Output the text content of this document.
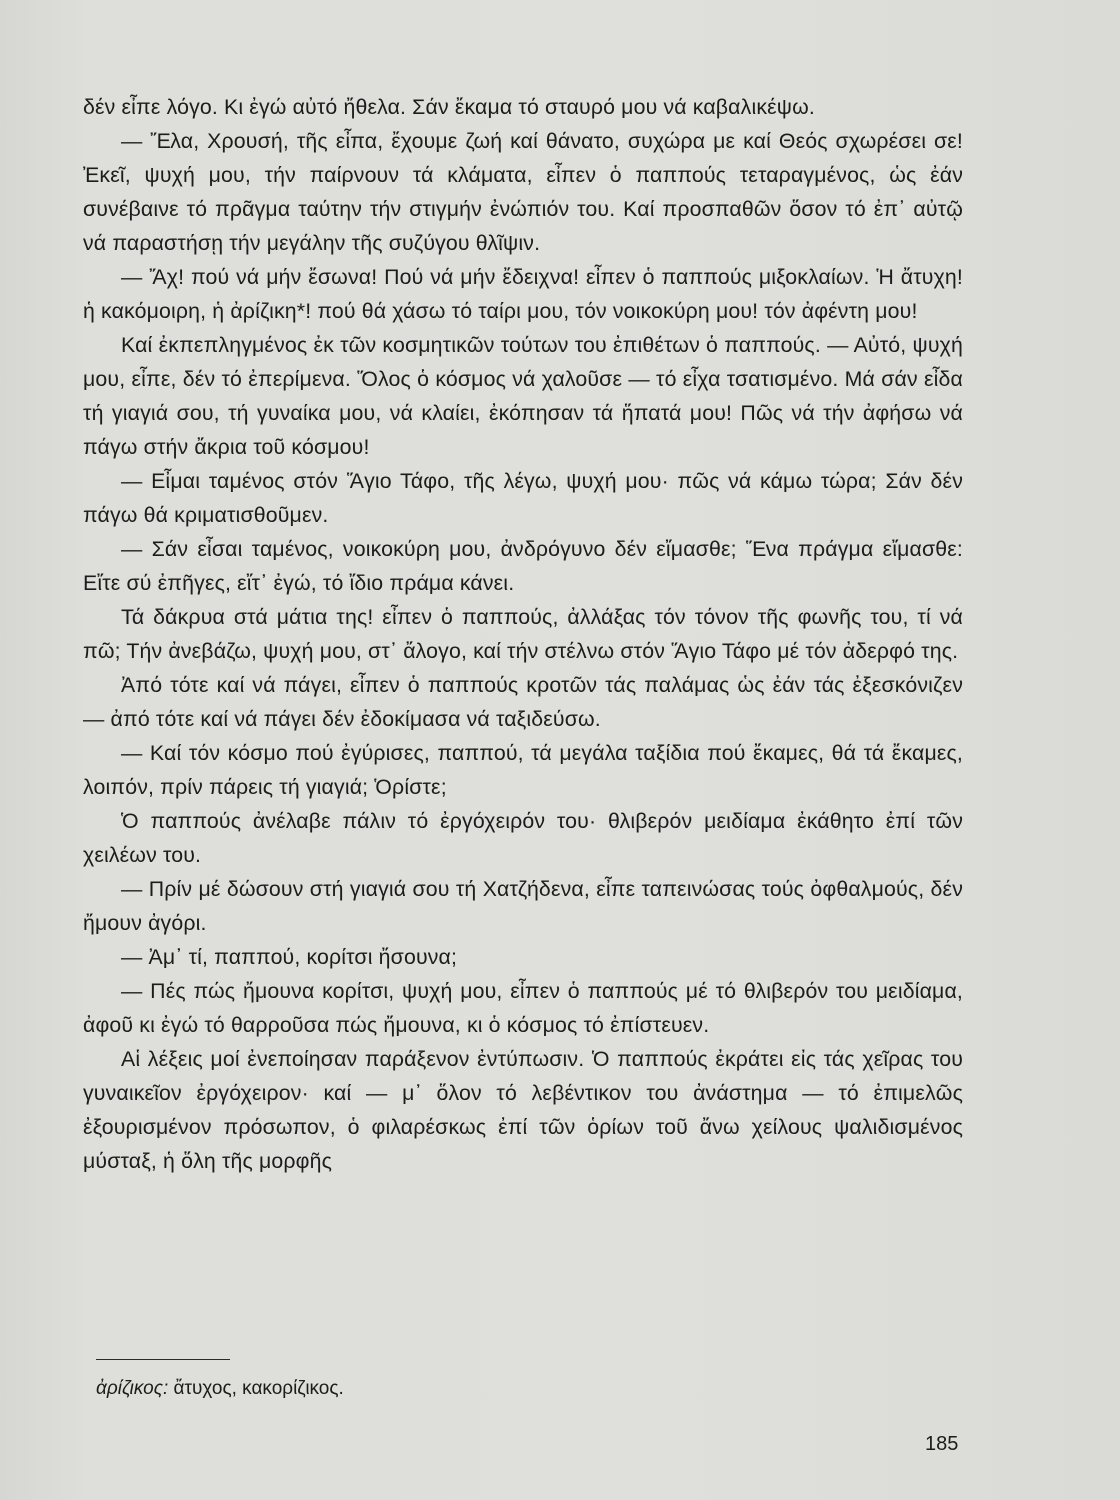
δέν εἶπε λόγο. Κι ἐγώ αὐτό ἤθελα. Σάν ἔκαμα τό σταυρό μου νά καβαλικέψω.

— Ἔλα, Χρουσή, τῆς εἶπα, ἔχουμε ζωή καί θάνατο, συχώρα με καί Θεός σχωρέσει σε! Ἐκεῖ, ψυχή μου, τήν παίρνουν τά κλάματα, εἶπεν ὁ παππούς τεταραγμένος, ὡς ἐάν συνέβαινε τό πρᾶγμα ταύτην τήν στιγμήν ἐνώπιόν του. Καί προσπαθῶν ὅσον τό ἐπ᾽ αὐτῷ νά παραστήσῃ τήν μεγάλην τῆς συζύγου θλῖψιν.

— Ἄχ! πού νά μήν ἔσωνα! Πού νά μήν ἔδειχνα! εἶπεν ὁ παππούς μιξοκλαίων. Ἡ ἄτυχη! ἡ κακόμοιρη, ἡ ἀρίζικη*! πού θά χάσω τό ταίρι μου, τόν νοικοκύρη μου! τόν ἀφέντη μου!

Καί ἐκπεπληγμένος ἐκ τῶν κοσμητικῶν τούτων του ἐπιθέτων ὁ παππούς. — Αὐτό, ψυχή μου, εἶπε, δέν τό ἐπερίμενα. Ὅλος ὁ κόσμος νά χαλοῦσε — τό εἶχα τσατισμένο. Μά σάν εἶδα τή γιαγιά σου, τή γυναίκα μου, νά κλαίει, ἐκόπησαν τά ἥπατά μου! Πῶς νά τήν ἀφήσω νά πάγω στήν ἄκρια τοῦ κόσμου!

— Εἶμαι ταμένος στόν Ἅγιο Τάφο, τῆς λέγω, ψυχή μου· πῶς νά κάμω τώρα; Σάν δέν πάγω θά κριματισθοῦμεν.

— Σάν εἶσαι ταμένος, νοικοκύρη μου, ἀνδρόγυνο δέν εἴμασθε; Ἕνα πράγμα εἴμασθε: Εἴτε σύ ἐπῆγες, εἴτ᾽ ἐγώ, τό ἴδιο πράμα κάνει.

Τά δάκρυα στά μάτια της! εἶπεν ὁ παππούς, ἀλλάξας τόν τόνον τῆς φωνῆς του, τί νά πῶ; Τήν ἀνεβάζω, ψυχή μου, στ᾽ ἄλογο, καί τήν στέλνω στόν Ἅγιο Τάφο μέ τόν ἀδερφό της.

Ἀπό τότε καί νά πάγει, εἶπεν ὁ παππούς κροτῶν τάς παλάμας ὡς ἐάν τάς ἐξεσκόνιζεν — ἀπό τότε καί νά πάγει δέν ἐδοκίμασα νά ταξιδεύσω.

— Καί τόν κόσμο πού ἐγύρισες, παππού, τά μεγάλα ταξίδια πού ἔκαμες, θά τά ἔκαμες, λοιπόν, πρίν πάρεις τή γιαγιά; Ὁρίστε;

Ὁ παππούς ἀνέλαβε πάλιν τό ἐργόχειρόν του· θλιβερόν μειδίαμα ἐκάθητο ἐπί τῶν χειλέων του.

— Πρίν μέ δώσουν στή γιαγιά σου τή Χατζήδενα, εἶπε ταπεινώσας τούς ὀφθαλμούς, δέν ἤμουν ἀγόρι.

— Ἀμ᾽ τί, παππού, κορίτσι ἤσουνα;

— Πές πώς ἤμουνα κορίτσι, ψυχή μου, εἶπεν ὁ παππούς μέ τό θλιβερόν του μειδίαμα, ἀφοῦ κι ἐγώ τό θαρροῦσα πώς ἤμουνα, κι ὁ κόσμος τό ἐπίστευεν.

Αἱ λέξεις μοί ἐνεποίησαν παράξενον ἐντύπωσιν. Ὁ παππούς ἐκράτει εἰς τάς χεῖρας του γυναικεῖον ἐργόχειρον· καί — μ᾽ ὅλον τό λεβέντικον του ἀνάστημα — τό ἐπιμελῶς ἐξουρισμένον πρόσωπον, ὁ φιλαρέσκως ἐπί τῶν ὁρίων τοῦ ἄνω χείλους ψαλιδισμένος μύσταξ, ἡ ὅλη τῆς μορφῆς

ἀρίζικος: ἄτυχος, κακορίζικος.
185
